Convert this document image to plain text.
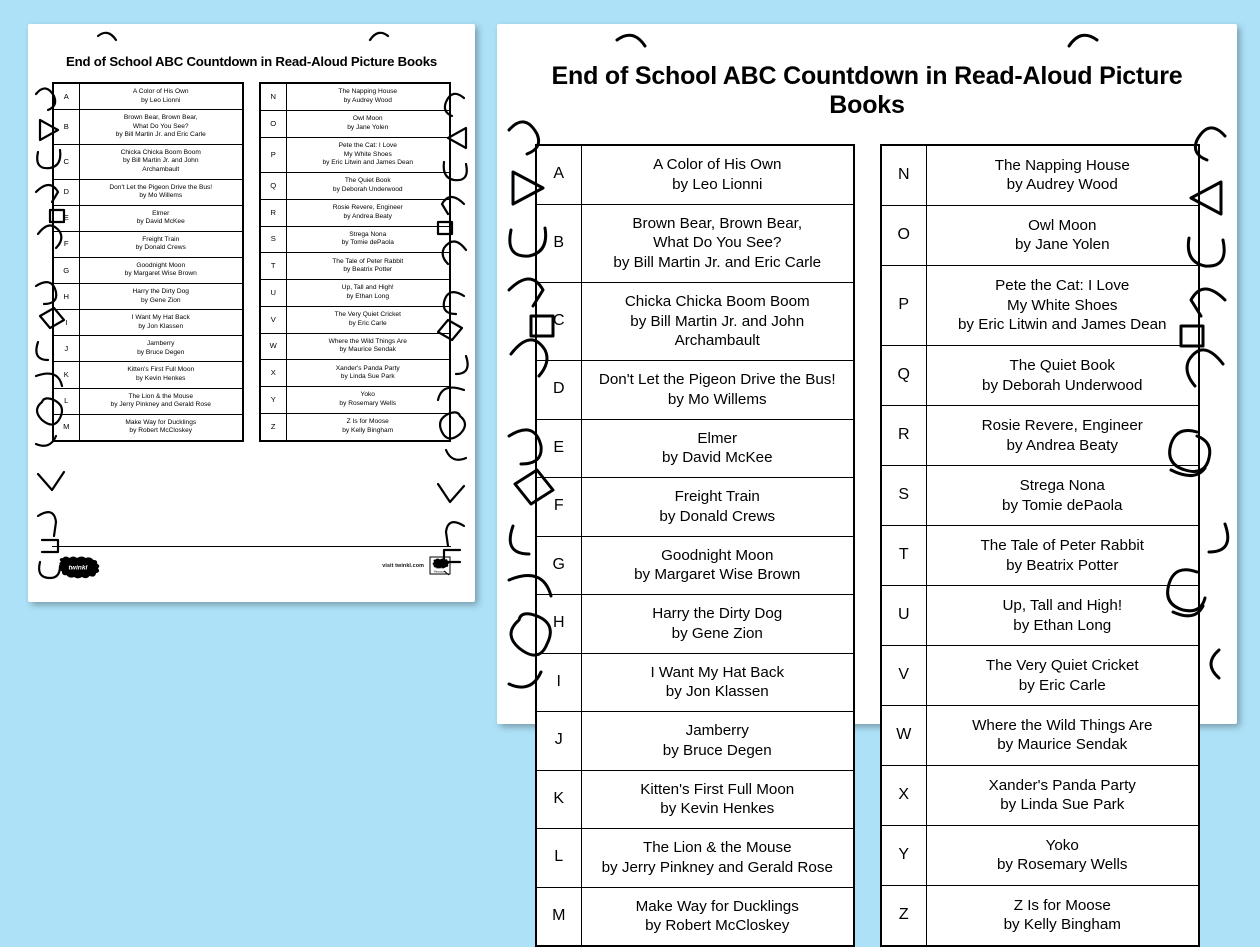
End of School ABC Countdown in Read-Aloud Picture Books
A	A Color of His Own
by Leo Lionni

B	Brown Bear, Brown Bear,
What Do You See?
by Bill Martin Jr. and Eric Carle

C	Chicka Chicka Boom Boom
by Bill Martin Jr. and John
Archambault

D	Don't Let the Pigeon Drive the Bus!
by Mo Willems

E	Elmer
by David McKee

F	Freight Train
by Donald Crews

G	Goodnight Moon
by Margaret Wise Brown

H	Harry the Dirty Dog
by Gene Zion

I	I Want My Hat Back
by Jon Klassen

J	Jamberry
by Bruce Degen

K	Kitten's First Full Moon
by Kevin Henkes

L	The Lion & the Mouse
by Jerry Pinkney and Gerald Rose

M	Make Way for Ducklings
by Robert McCloskey
N	The Napping House
by Audrey Wood

O	Owl Moon
by Jane Yolen

P	Pete the Cat: I Love
My White Shoes
by Eric Litwin and James Dean

Q	The Quiet Book
by Deborah Underwood

R	Rosie Revere, Engineer
by Andrea Beaty

S	Strega Nona
by Tomie dePaola

T	The Tale of Peter Rabbit
by Beatrix Potter

U	Up, Tall and High!
by Ethan Long

V	The Very Quiet Cricket
by Eric Carle

W	Where the Wild Things Are
by Maurice Sendak

X	Xander's Panda Party
by Linda Sue Park

Y	Yoko
by Rosemary Wells

Z	Z Is for Moose
by Kelly Bingham
twinkl	visit twinkl.com twinkl
Resources
End of School ABC Countdown in Read-Aloud Picture Books
A	A Color of His Own
by Leo Lionni

B	Brown Bear, Brown Bear,
What Do You See?
by Bill Martin Jr. and Eric Carle

C	Chicka Chicka Boom Boom
by Bill Martin Jr. and John
Archambault

D	Don't Let the Pigeon Drive the Bus!
by Mo Willems

E	Elmer
by David McKee

F	Freight Train
by Donald Crews

G	Goodnight Moon
by Margaret Wise Brown

H	Harry the Dirty Dog
by Gene Zion

I	I Want My Hat Back
by Jon Klassen

J	Jamberry
by Bruce Degen

K	Kitten's First Full Moon
by Kevin Henkes

L	The Lion & the Mouse
by Jerry Pinkney and Gerald Rose

M	Make Way for Ducklings
by Robert McCloskey
N	The Napping House
by Audrey Wood

O	Owl Moon
by Jane Yolen

P	Pete the Cat: I Love
My White Shoes
by Eric Litwin and James Dean

Q	The Quiet Book
by Deborah Underwood

R	Rosie Revere, Engineer
by Andrea Beaty

S	Strega Nona
by Tomie dePaola

T	The Tale of Peter Rabbit
by Beatrix Potter

U	Up, Tall and High!
by Ethan Long

V	The Very Quiet Cricket
by Eric Carle

W	Where the Wild Things Are
by Maurice Sendak

X	Xander's Panda Party
by Linda Sue Park

Y	Yoko
by Rosemary Wells

Z	Z Is for Moose
by Kelly Bingham
